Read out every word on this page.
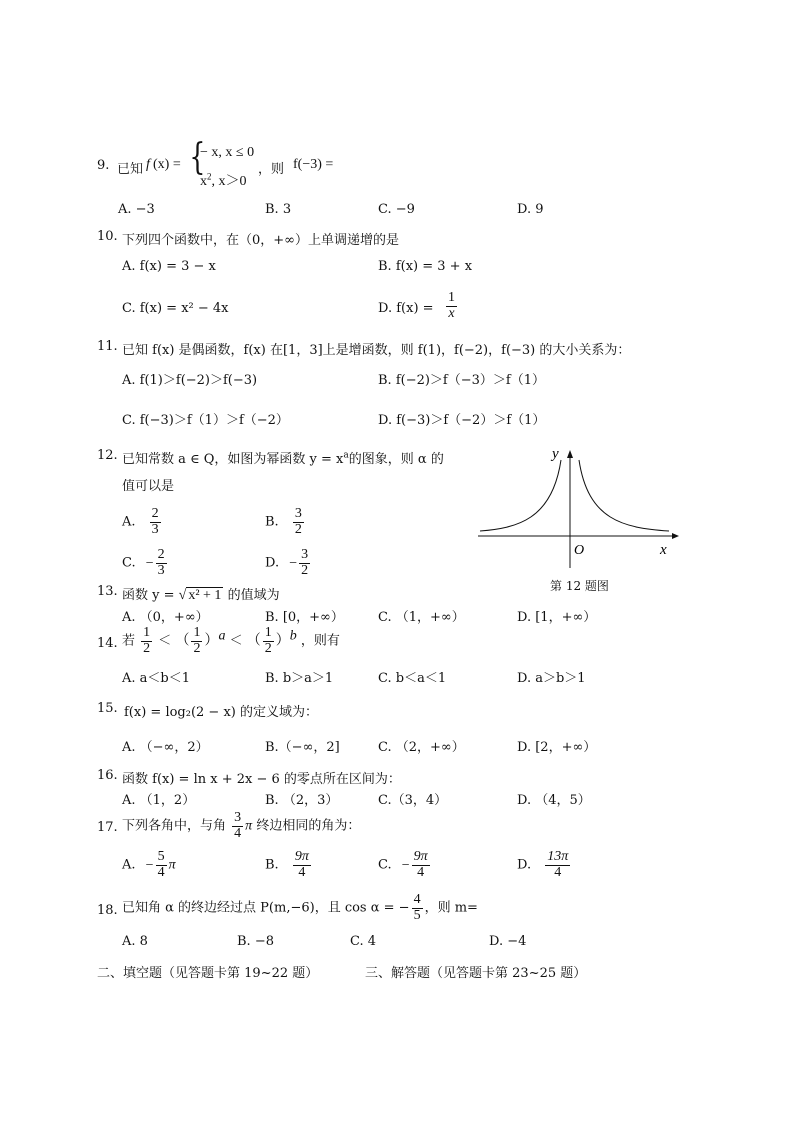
9. 已知 f (x) = {
− x, x ≤ 0
$x^2$, x＞0
，则 f(−3) =
A. −3	B. 3	C. −9	D. 9
10. 下列四个函数中，在（0，+∞）上单调递增的是
A. f(x) = 3 − x	B. f(x) = 3 + x
C. f(x) = x² − 4x	D. $f(x) = \frac{1}{x}$
11. 已知 f(x) 是偶函数，f(x) 在[1，3]上是增函数，则 f(1)，f(−2)，f(−3) 的大小关系为：
A. f(1)＞f(−2)＞f(−3)	B. f(−2)＞f（−3）＞f（1）
C. f(−3)＞f（1）＞f（−2）	D. f(−3)＞f（−2）＞f（1）
12. 已知常数 a ∈ Q，如图为幂函数 $y = x^a$的图象，则 α 的
值可以是
A. $\frac{2}{3}$	B. $\frac{3}{2}$
C. − $\frac{2}{3}$	D. − $\frac{3}{2}$
y
x
O
第 12 题图
13. 函数 y = √ x² + 1 的值域为
A. （0，+∞）	B. [0，+∞）	C. （1，+∞）	D. [1，+∞）
14. 若 $\frac{1}{2}$ ＜ （ $\frac{1}{2} )^a$ ＜ （ $\frac{1}{2} )^b$ ，则有
A. a＜b＜1	B. b＞a＞1	C. b＜a＜1	D. a＞b＞1
15. f(x) = log₂(2 − x) 的定义域为：
A. （−∞，2）	B.（−∞，2]	C. （2，+∞）	D. [2，+∞）
16. 函数 f(x) = ln x + 2x − 6 的零点所在区间为：
A. （1，2）	B. （2，3）	C.（3，4）	D. （4，5）
17. 下列各角中，与角 $\frac{3}{4}$ π 终边相同的角为：
A. − $\frac{5}{4}$ π	B. $\frac{9\pi}{4}$	C. − $\frac{9\pi}{4}$	D. $\frac{13\pi}{4}$
18. 已知角 α 的终边经过点 P(m,−6)，且 cos α = − $\frac{4}{5}$ ，则 m=
A. 8	B. −8	C. 4	D. −4
二、填空题（见答题卡第 19~22 题）	三、解答题（见答题卡第 23~25 题）
